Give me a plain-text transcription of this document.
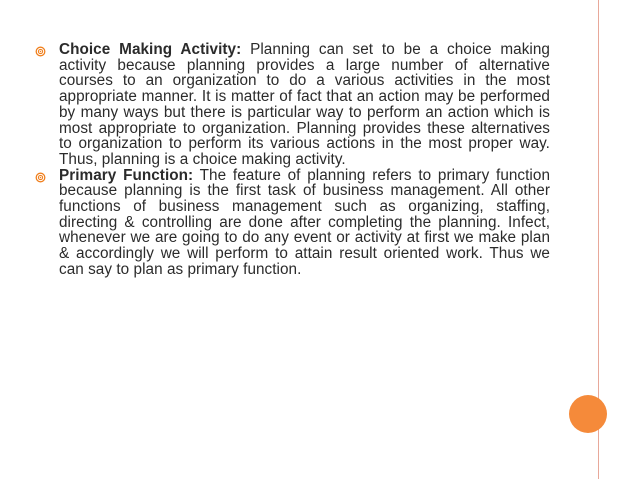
Choice Making Activity: Planning can set to be a choice making activity because planning provides a large number of alternative courses to an organization to do a various activities in the most appropriate manner. It is matter of fact that an action may be performed by many ways but there is particular way to perform an action which is most appropriate to organization. Planning provides these alternatives to organization to perform its various actions in the most proper way. Thus, planning is a choice making activity.

Primary Function: The feature of planning refers to primary function because planning is the first task of business management. All other functions of business management such as organizing, staffing, directing & controlling are done after completing the planning. Infect, whenever we are going to do any event or activity at first we make plan & accordingly we will perform to attain result oriented work. Thus we can say to plan as primary function.
